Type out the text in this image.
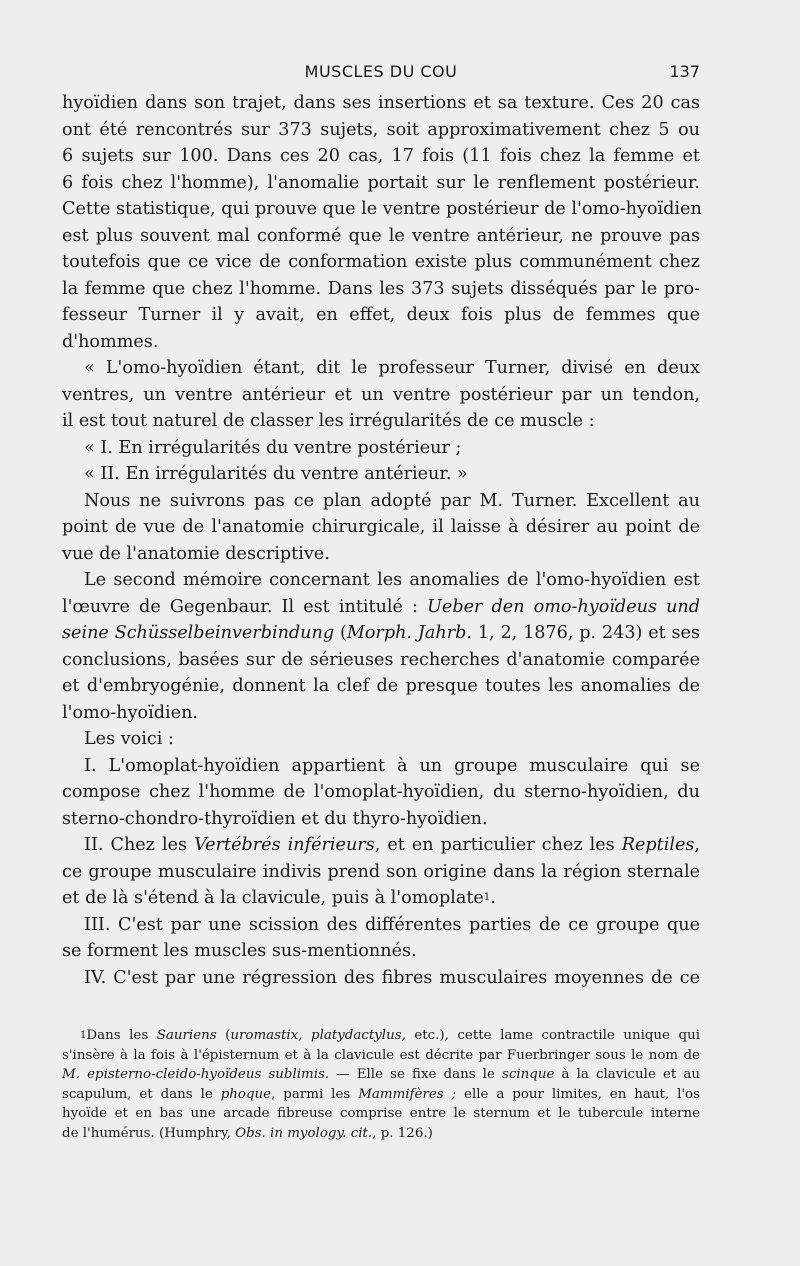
MUSCLES DU COU	137
hyoïdien dans son trajet, dans ses insertions et sa texture. Ces 20 cas
ont été rencontrés sur 373 sujets, soit approximativement chez 5 ou
6 sujets sur 100. Dans ces 20 cas, 17 fois (11 fois chez la femme et
6 fois chez l'homme), l'anomalie portait sur le renflement postérieur.
Cette statistique, qui prouve que le ventre postérieur de l'omo-hyoïdien
est plus souvent mal conformé que le ventre antérieur, ne prouve pas
toutefois que ce vice de conformation existe plus communément chez
la femme que chez l'homme. Dans les 373 sujets disséqués par le pro-
fesseur Turner il y avait, en effet, deux fois plus de femmes que
d'hommes.
« L'omo-hyoïdien étant, dit le professeur Turner, divisé en deux
ventres, un ventre antérieur et un ventre postérieur par un tendon,
il est tout naturel de classer les irrégularités de ce muscle :
« I. En irrégularités du ventre postérieur ;
« II. En irrégularités du ventre antérieur. »
Nous ne suivrons pas ce plan adopté par M. Turner. Excellent au
point de vue de l'anatomie chirurgicale, il laisse à désirer au point de
vue de l'anatomie descriptive.
Le second mémoire concernant les anomalies de l'omo-hyoïdien est
l'œuvre de Gegenbaur. Il est intitulé : Ueber den omo-hyoïdeus und
seine Schüsselbeinverbindung (Morph. Jahrb. 1, 2, 1876, p. 243) et ses
conclusions, basées sur de sérieuses recherches d'anatomie comparée
et d'embryogénie, donnent la clef de presque toutes les anomalies de
l'omo-hyoïdien.
Les voici :
I. L'omoplat-hyoïdien appartient à un groupe musculaire qui se
compose chez l'homme de l'omoplat-hyoïdien, du sterno-hyoïdien, du
sterno-chondro-thyroïdien et du thyro-hyoïdien.
II. Chez les Vertébrés inférieurs, et en particulier chez les Reptiles,
ce groupe musculaire indivis prend son origine dans la région sternale
et de là s'étend à la clavicule, puis à l'omoplate$^1$.
III. C'est par une scission des différentes parties de ce groupe que
se forment les muscles sus-mentionnés.
IV. C'est par une régression des fibres musculaires moyennes de ce
$^1$Dans les Sauriens (uromastix, platydactylus, etc.), cette lame contractile unique qui
s'insère à la fois à l'épisternum et à la clavicule est décrite par Fuerbringer sous le nom de
M. episterno-cleido-hyoïdeus sublimis. — Elle se fixe dans le scinque à la clavicule et au
scapulum, et dans le phoque, parmi les Mammifères ; elle a pour limites, en haut, l'os
hyoïde et en bas une arcade fibreuse comprise entre le sternum et le tubercule interne
de l'humérus. (Humphry, Obs. in myology. cit., p. 126.)
